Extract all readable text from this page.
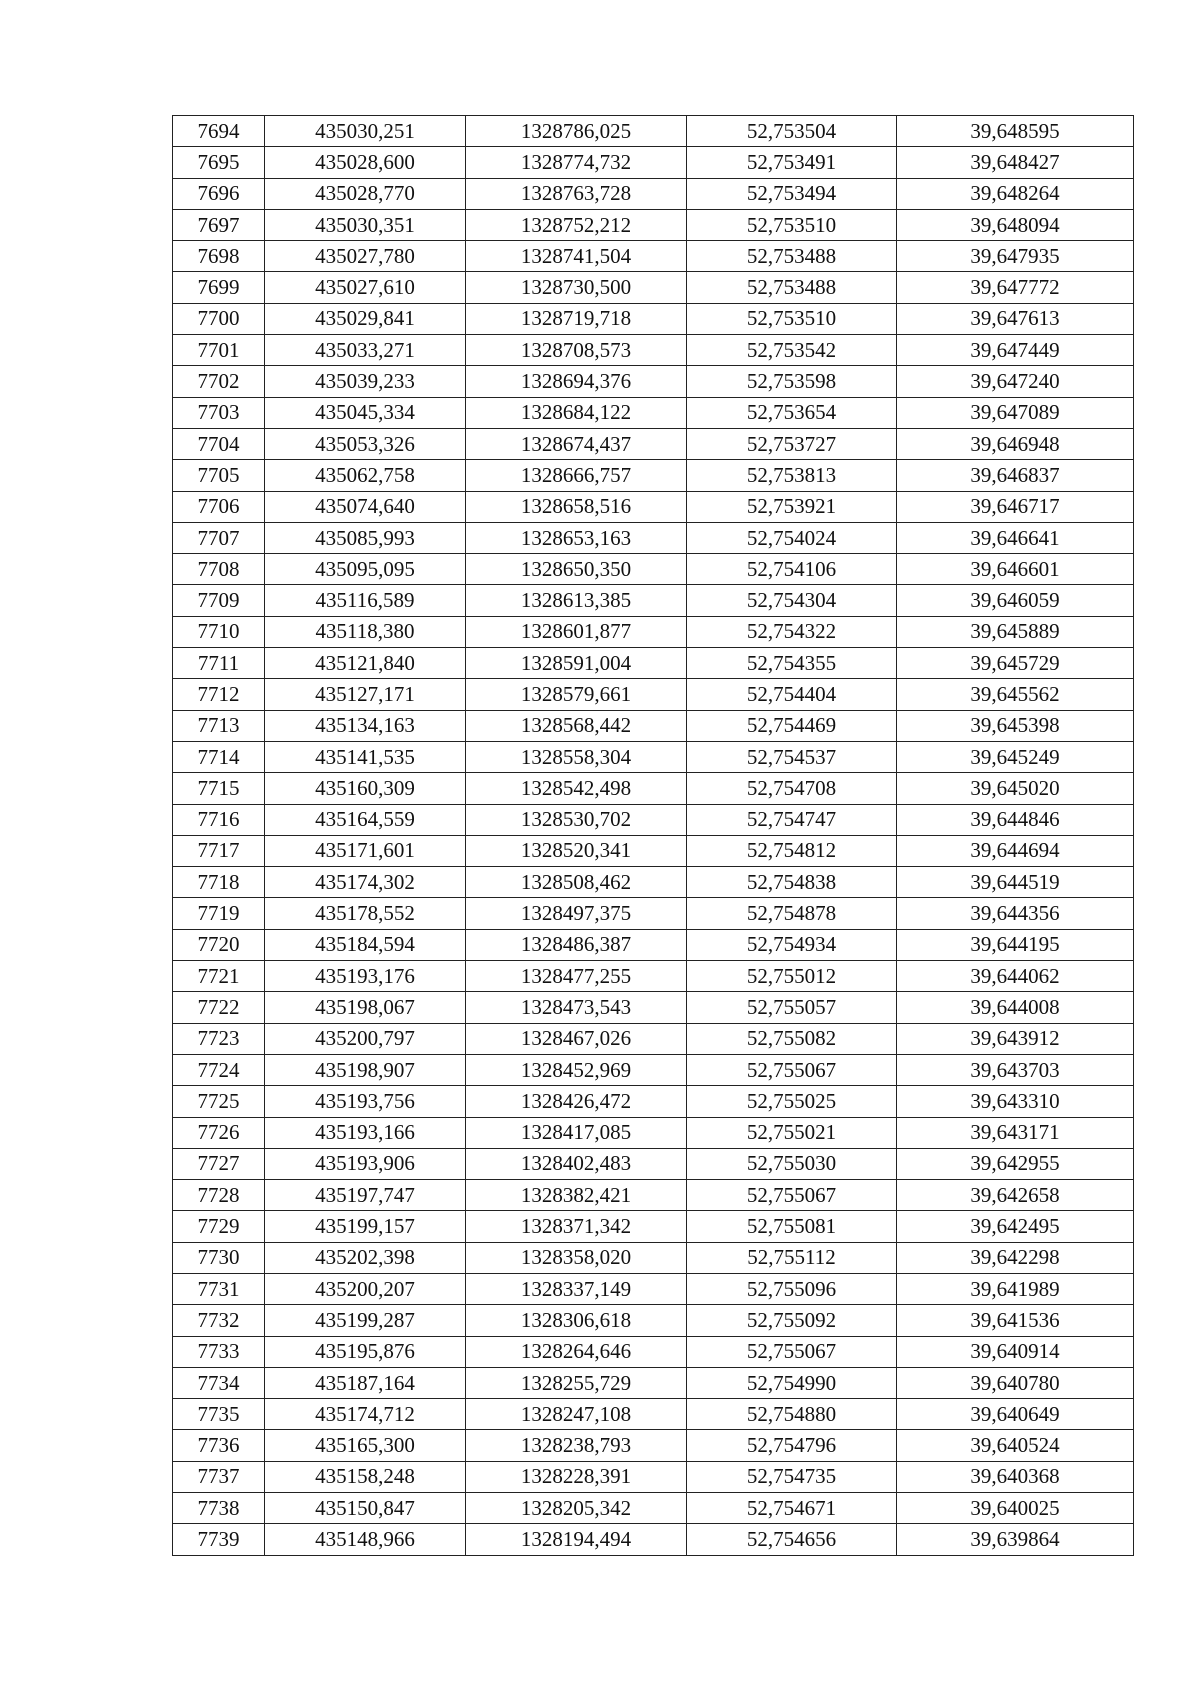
7694	435030,251	1328786,025	52,753504	39,648595
7695	435028,600	1328774,732	52,753491	39,648427
7696	435028,770	1328763,728	52,753494	39,648264
7697	435030,351	1328752,212	52,753510	39,648094
7698	435027,780	1328741,504	52,753488	39,647935
7699	435027,610	1328730,500	52,753488	39,647772
7700	435029,841	1328719,718	52,753510	39,647613
7701	435033,271	1328708,573	52,753542	39,647449
7702	435039,233	1328694,376	52,753598	39,647240
7703	435045,334	1328684,122	52,753654	39,647089
7704	435053,326	1328674,437	52,753727	39,646948
7705	435062,758	1328666,757	52,753813	39,646837
7706	435074,640	1328658,516	52,753921	39,646717
7707	435085,993	1328653,163	52,754024	39,646641
7708	435095,095	1328650,350	52,754106	39,646601
7709	435116,589	1328613,385	52,754304	39,646059
7710	435118,380	1328601,877	52,754322	39,645889
7711	435121,840	1328591,004	52,754355	39,645729
7712	435127,171	1328579,661	52,754404	39,645562
7713	435134,163	1328568,442	52,754469	39,645398
7714	435141,535	1328558,304	52,754537	39,645249
7715	435160,309	1328542,498	52,754708	39,645020
7716	435164,559	1328530,702	52,754747	39,644846
7717	435171,601	1328520,341	52,754812	39,644694
7718	435174,302	1328508,462	52,754838	39,644519
7719	435178,552	1328497,375	52,754878	39,644356
7720	435184,594	1328486,387	52,754934	39,644195
7721	435193,176	1328477,255	52,755012	39,644062
7722	435198,067	1328473,543	52,755057	39,644008
7723	435200,797	1328467,026	52,755082	39,643912
7724	435198,907	1328452,969	52,755067	39,643703
7725	435193,756	1328426,472	52,755025	39,643310
7726	435193,166	1328417,085	52,755021	39,643171
7727	435193,906	1328402,483	52,755030	39,642955
7728	435197,747	1328382,421	52,755067	39,642658
7729	435199,157	1328371,342	52,755081	39,642495
7730	435202,398	1328358,020	52,755112	39,642298
7731	435200,207	1328337,149	52,755096	39,641989
7732	435199,287	1328306,618	52,755092	39,641536
7733	435195,876	1328264,646	52,755067	39,640914
7734	435187,164	1328255,729	52,754990	39,640780
7735	435174,712	1328247,108	52,754880	39,640649
7736	435165,300	1328238,793	52,754796	39,640524
7737	435158,248	1328228,391	52,754735	39,640368
7738	435150,847	1328205,342	52,754671	39,640025
7739	435148,966	1328194,494	52,754656	39,639864
